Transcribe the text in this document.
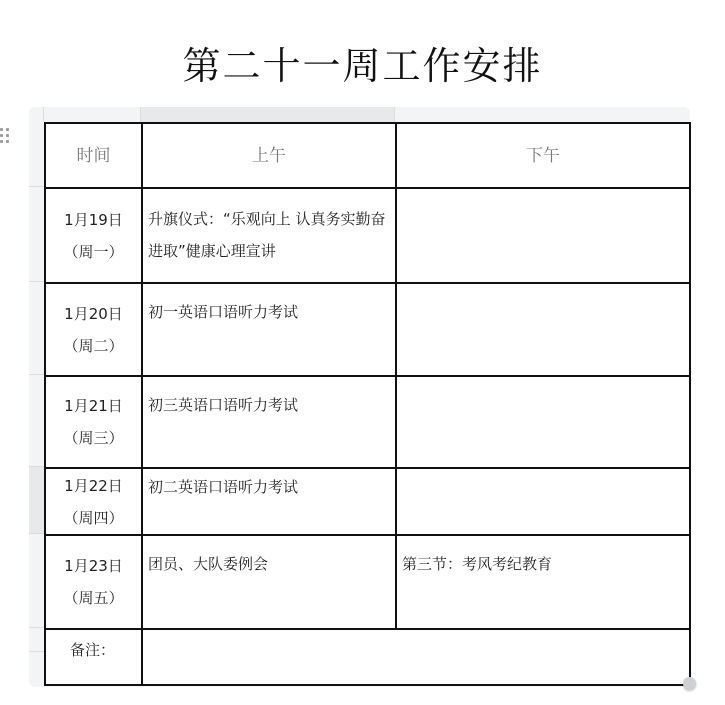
第二十一周工作安排
时间	上午	下午

1月19日
（周一）	升旗仪式：“乐观向上 认真务实勤奋进取”健康心理宣讲	

1月20日
（周二）	初一英语口语听力考试	

1月21日
（周三）	初三英语口语听力考试	

1月22日
（周四）	初二英语口语听力考试	

1月23日
（周五）	团员、大队委例会	第三节：考风考纪教育
备注：		
